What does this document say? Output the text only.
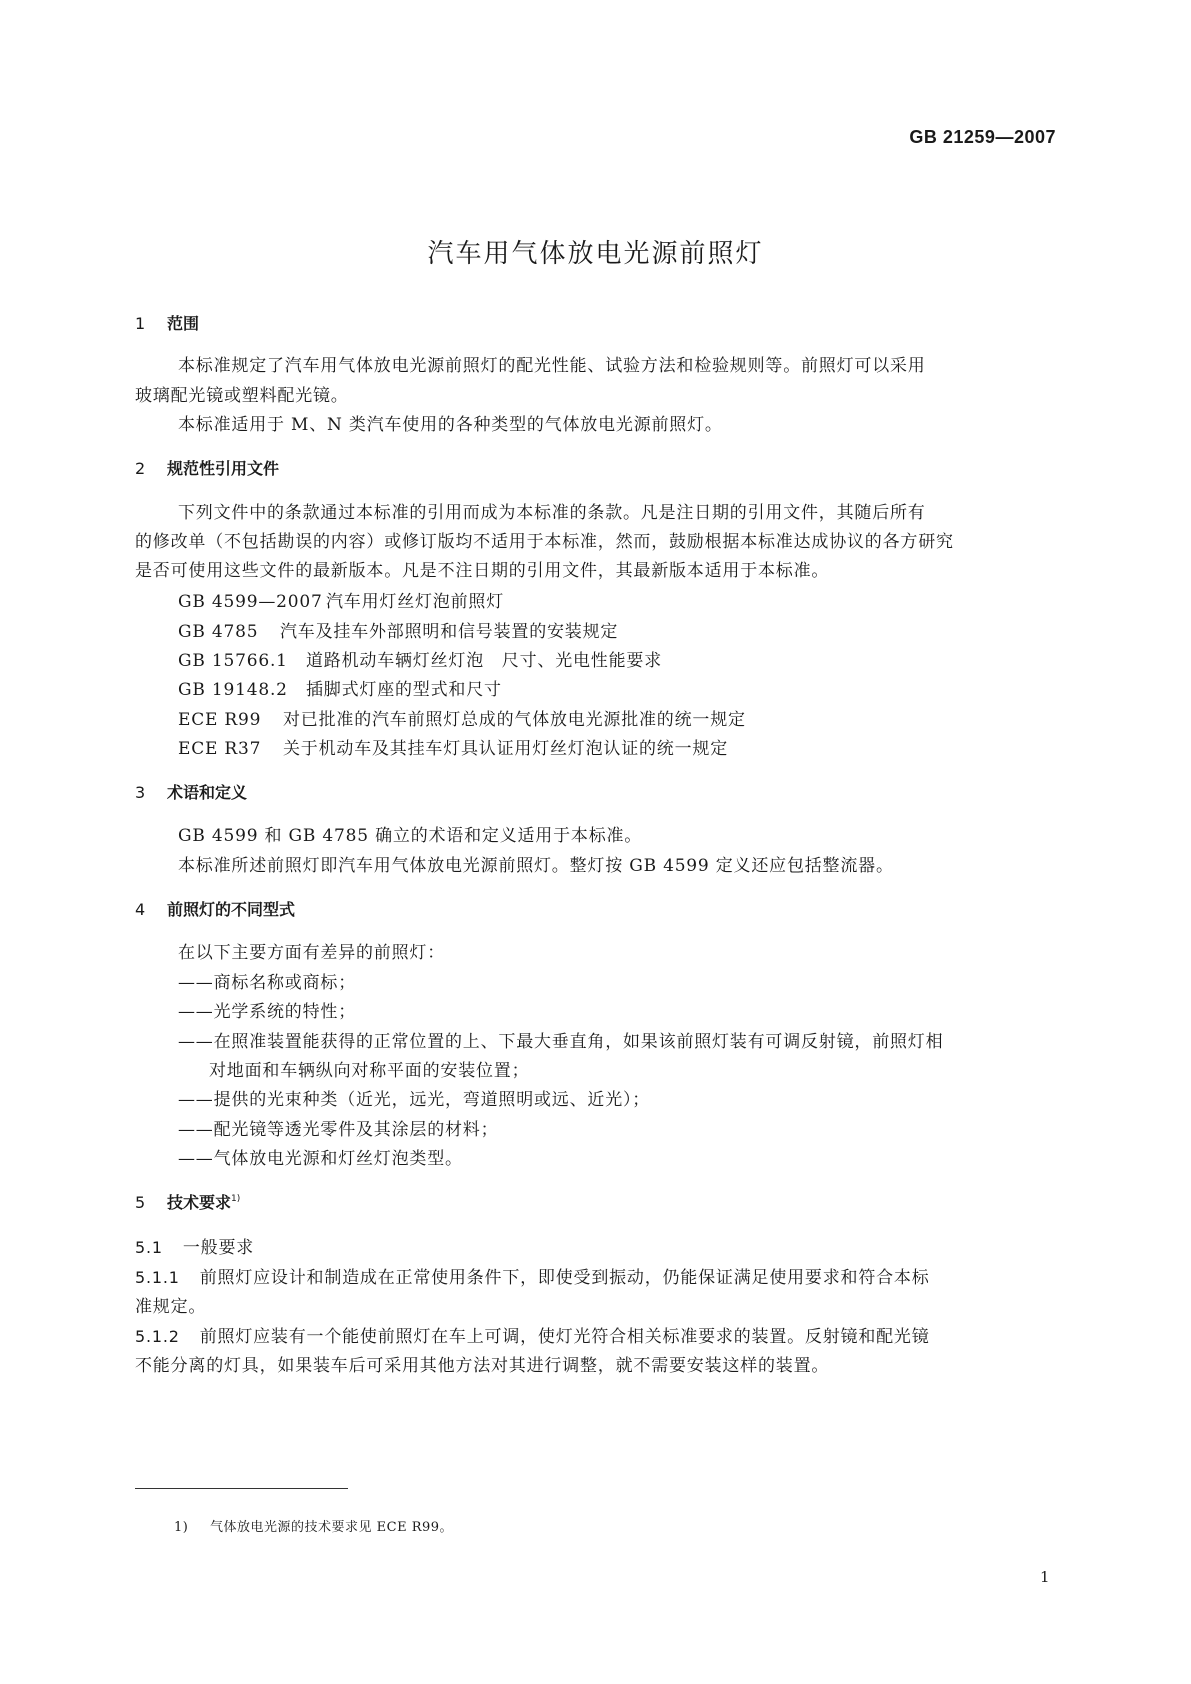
GB 21259—2007
汽车用气体放电光源前照灯
1 范围
本标准规定了汽车用气体放电光源前照灯的配光性能、试验方法和检验规则等。前照灯可以采用
玻璃配光镜或塑料配光镜。
本标准适用于 M、N 类汽车使用的各种类型的气体放电光源前照灯。
2 规范性引用文件
下列文件中的条款通过本标准的引用而成为本标准的条款。凡是注日期的引用文件，其随后所有
的修改单（不包括勘误的内容）或修订版均不适用于本标准，然而，鼓励根据本标准达成协议的各方研究
是否可使用这些文件的最新版本。凡是不注日期的引用文件，其最新版本适用于本标准。
GB 4599—2007 汽车用灯丝灯泡前照灯
GB 4785 汽车及挂车外部照明和信号装置的安装规定
GB 15766.1 道路机动车辆灯丝灯泡　尺寸、光电性能要求
GB 19148.2 插脚式灯座的型式和尺寸
ECE R99 对已批准的汽车前照灯总成的气体放电光源批准的统一规定
ECE R37 关于机动车及其挂车灯具认证用灯丝灯泡认证的统一规定
3 术语和定义
GB 4599 和 GB 4785 确立的术语和定义适用于本标准。
本标准所述前照灯即汽车用气体放电光源前照灯。整灯按 GB 4599 定义还应包括整流器。
4 前照灯的不同型式
在以下主要方面有差异的前照灯：
——商标名称或商标；
——光学系统的特性；
——在照准装置能获得的正常位置的上、下最大垂直角，如果该前照灯装有可调反射镜，前照灯相
对地面和车辆纵向对称平面的安装位置；
——提供的光束种类（近光，远光，弯道照明或远、近光）；
——配光镜等透光零件及其涂层的材料；
——气体放电光源和灯丝灯泡类型。
5 技术要求$^{1)}$
5.1 一般要求
5.1.1 前照灯应设计和制造成在正常使用条件下，即使受到振动，仍能保证满足使用要求和符合本标
准规定。
5.1.2 前照灯应装有一个能使前照灯在车上可调，使灯光符合相关标准要求的装置。反射镜和配光镜
不能分离的灯具，如果装车后可采用其他方法对其进行调整，就不需要安装这样的装置。
1) 气体放电光源的技术要求见 ECE R99。
1
